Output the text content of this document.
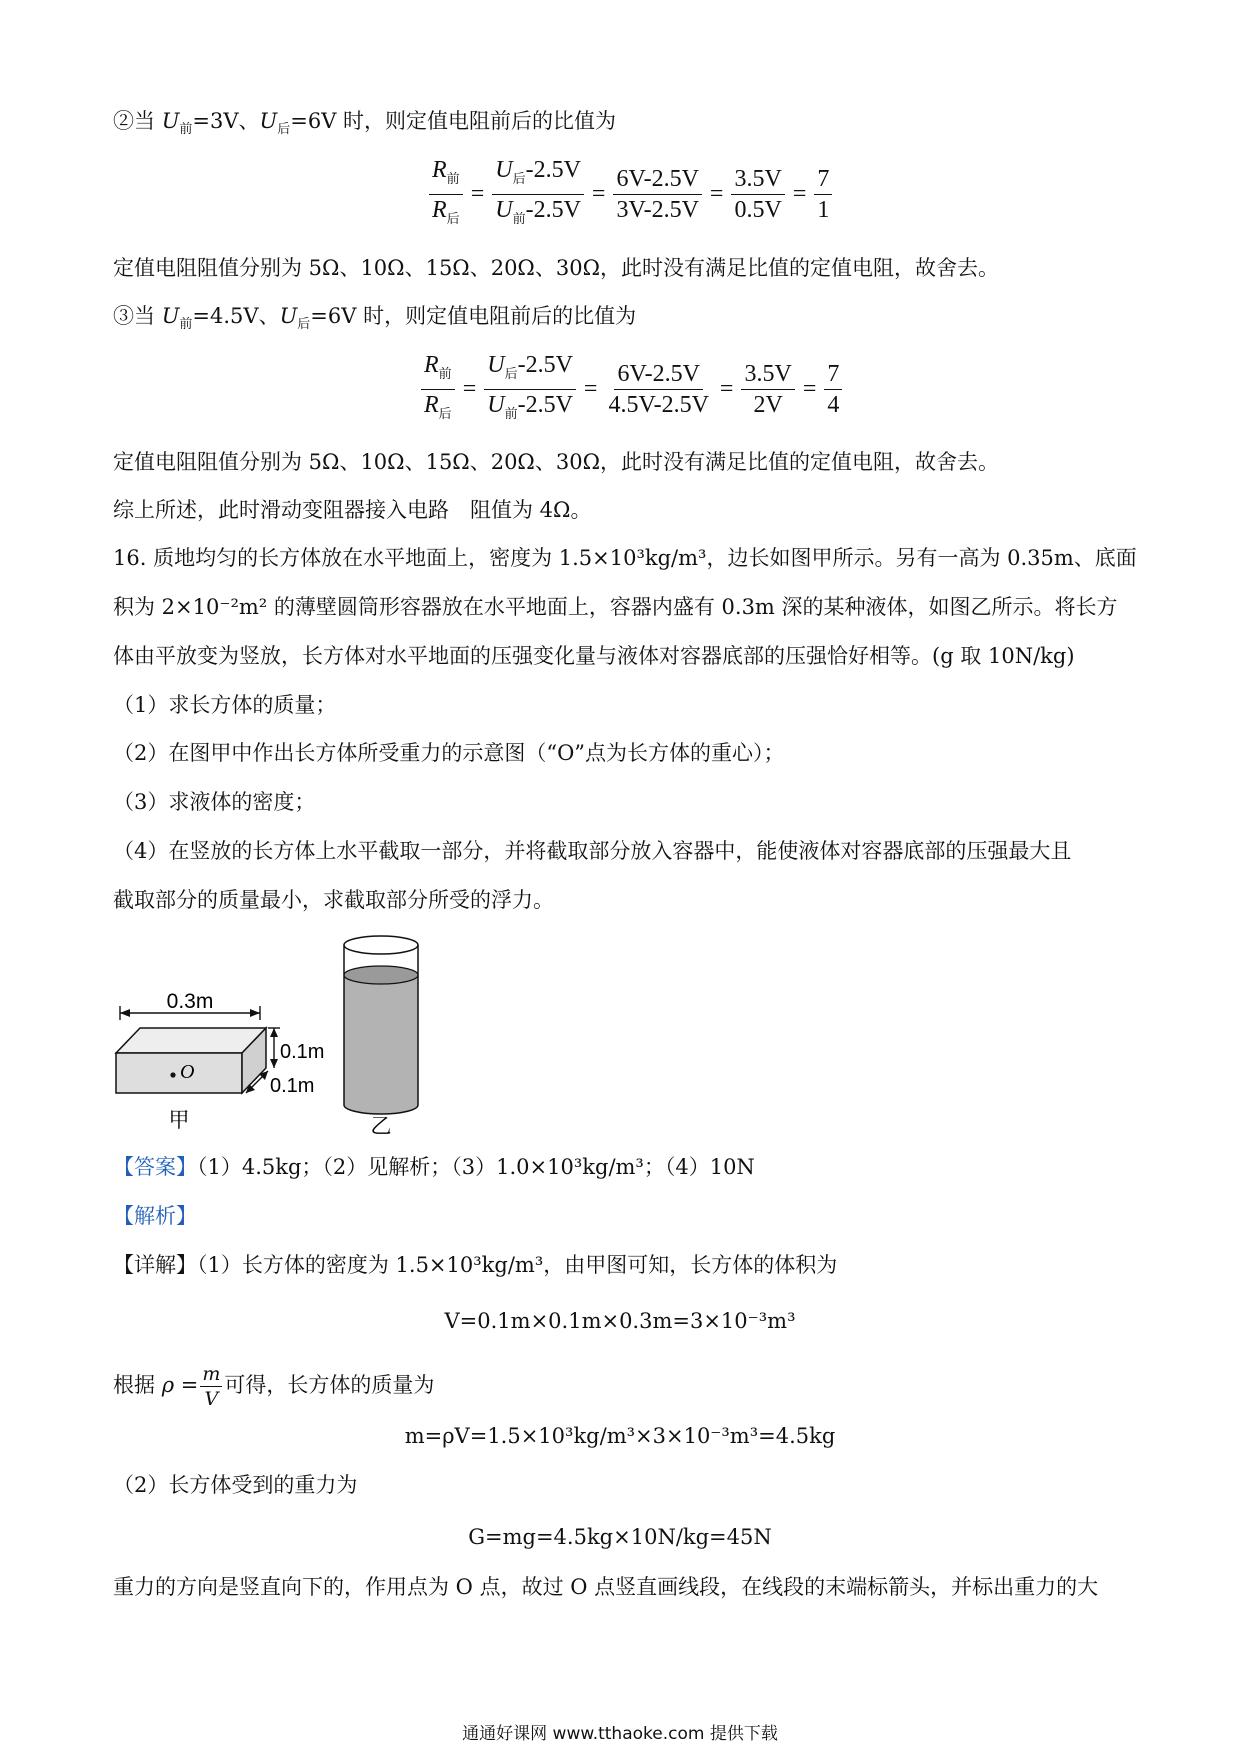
②当 $U_前=3V$、$U_后=6V$ 时，则定值电阻前后的比值为
$\frac{R_前}{R_后} = \frac{U_后-2.5V}{U_前-2.5V} = \frac{6V-2.5V}{3V-2.5V} = \frac{3.5V}{0.5V} = \frac{7}{1}$
定值电阻阻值分别为 5Ω、10Ω、15Ω、20Ω、30Ω，此时没有满足比值的定值电阻，故舍去。
③当 $U_前=4.5V$、$U_后=6V$ 时，则定值电阻前后的比值为
$\frac{R_前}{R_后} = \frac{U_后-2.5V}{U_前-2.5V} = \frac{6V-2.5V}{4.5V-2.5V} = \frac{3.5V}{2V} = \frac{7}{4}$
定值电阻阻值分别为 5Ω、10Ω、15Ω、20Ω、30Ω，此时没有满足比值的定值电阻，故舍去。
综上所述，此时滑动变阻器接入电路　阻值为 4Ω。
16. 质地均匀的长方体放在水平地面上，密度为 1.5×10³kg/m³，边长如图甲所示。另有一高为 0.35m、底面
积为 2×10⁻²m² 的薄壁圆筒形容器放在水平地面上，容器内盛有 0.3m 深的某种液体，如图乙所示。将长方
体由平放变为竖放，长方体对水平地面的压强变化量与液体对容器底部的压强恰好相等。(g 取 10N/kg)
（1）求长方体的质量；
（2）在图甲中作出长方体所受重力的示意图（“O”点为长方体的重心）；
（3）求液体的密度；
（4）在竖放的长方体上水平截取一部分，并将截取部分放入容器中，能使液体对容器底部的压强最大且
截取部分的质量最小，求截取部分所受的浮力。
0.3m
O
0.1m
0.1m
甲	乙
【答案】（1）4.5kg；（2）见解析；（3）1.0×10³kg/m³；（4）10N
【解析】
【详解】（1）长方体的密度为 1.5×10³kg/m³，由甲图可知，长方体的体积为
V=0.1m×0.1m×0.3m=3×10⁻³m³
根据 $\rho = \frac{m}{V}$ 可得，长方体的质量为
m=ρV=1.5×10³kg/m³×3×10⁻³m³=4.5kg
（2）长方体受到的重力为
G=mg=4.5kg×10N/kg=45N
重力的方向是竖直向下的，作用点为 O 点，故过 O 点竖直画线段，在线段的末端标箭头，并标出重力的大
通通好课网 www.tthaoke.com 提供下载
